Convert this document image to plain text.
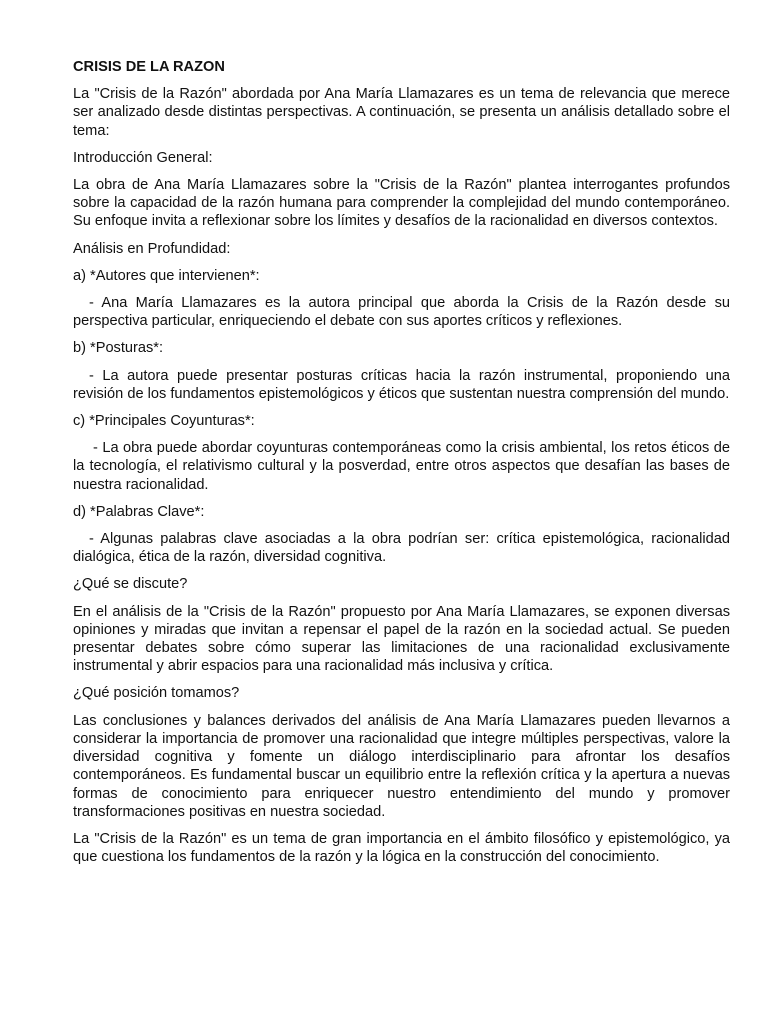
CRISIS DE LA RAZON

La "Crisis de la Razón" abordada por Ana María Llamazares es un tema de relevancia que merece ser analizado desde distintas perspectivas. A continuación, se presenta un análisis detallado sobre el tema:

Introducción General:

La obra de Ana María Llamazares sobre la "Crisis de la Razón" plantea interrogantes profundos sobre la capacidad de la razón humana para comprender la complejidad del mundo contemporáneo. Su enfoque invita a reflexionar sobre los límites y desafíos de la racionalidad en diversos contextos.

Análisis en Profundidad:

a) *Autores que intervienen*:

- Ana María Llamazares es la autora principal que aborda la Crisis de la Razón desde su perspectiva particular, enriqueciendo el debate con sus aportes críticos y reflexiones.

b) *Posturas*:

- La autora puede presentar posturas críticas hacia la razón instrumental, proponiendo una revisión de los fundamentos epistemológicos y éticos que sustentan nuestra comprensión del mundo.

c) *Principales Coyunturas*:

- La obra puede abordar coyunturas contemporáneas como la crisis ambiental, los retos éticos de la tecnología, el relativismo cultural y la posverdad, entre otros aspectos que desafían las bases de nuestra racionalidad.

d) *Palabras Clave*:

- Algunas palabras clave asociadas a la obra podrían ser: crítica epistemológica, racionalidad dialógica, ética de la razón, diversidad cognitiva.

¿Qué se discute?

En el análisis de la "Crisis de la Razón" propuesto por Ana María Llamazares, se exponen diversas opiniones y miradas que invitan a repensar el papel de la razón en la sociedad actual. Se pueden presentar debates sobre cómo superar las limitaciones de una racionalidad exclusivamente instrumental y abrir espacios para una racionalidad más inclusiva y crítica.

¿Qué posición tomamos?

Las conclusiones y balances derivados del análisis de Ana María Llamazares pueden llevarnos a considerar la importancia de promover una racionalidad que integre múltiples perspectivas, valore la diversidad cognitiva y fomente un diálogo interdisciplinario para afrontar los desafíos contemporáneos. Es fundamental buscar un equilibrio entre la reflexión crítica y la apertura a nuevas formas de conocimiento para enriquecer nuestro entendimiento del mundo y promover transformaciones positivas en nuestra sociedad.

La "Crisis de la Razón" es un tema de gran importancia en el ámbito filosófico y epistemológico, ya que cuestiona los fundamentos de la razón y la lógica en la construcción del conocimiento.
